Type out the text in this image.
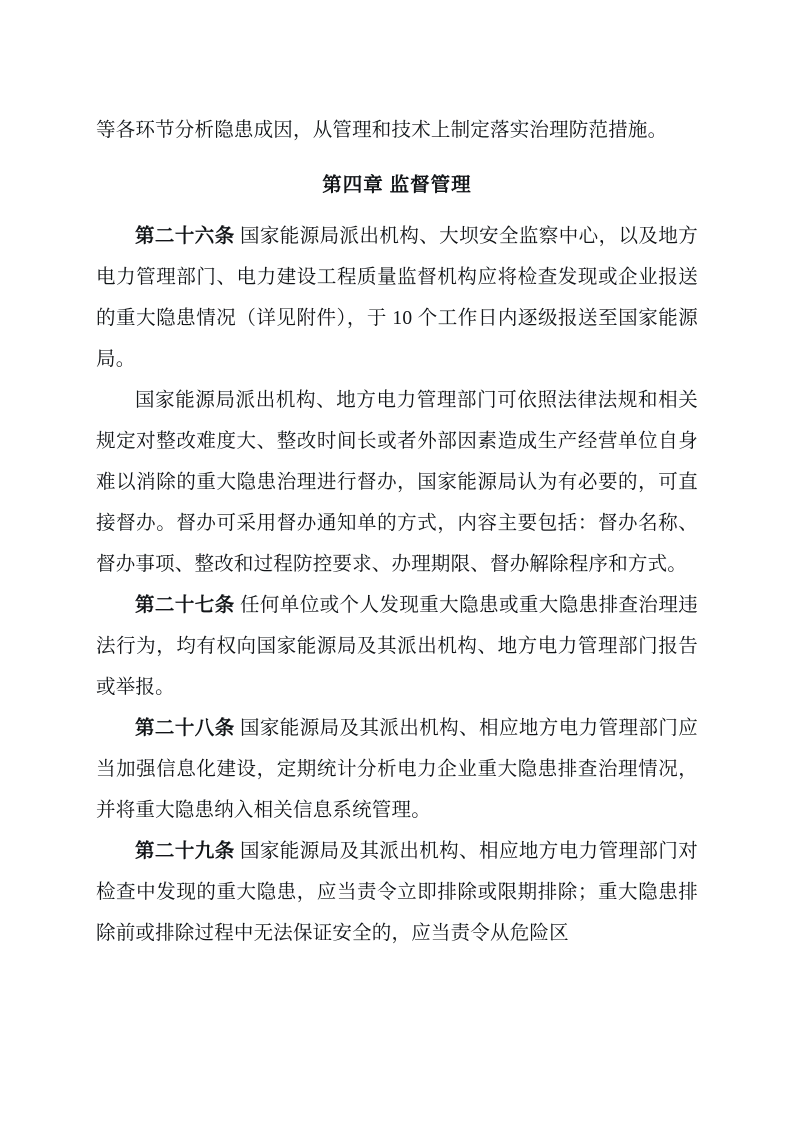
等各环节分析隐患成因，从管理和技术上制定落实治理防范措施。

第四章 监督管理

第二十六条 国家能源局派出机构、大坝安全监察中心，以及地方电力管理部门、电力建设工程质量监督机构应将检查发现或企业报送的重大隐患情况（详见附件），于 10 个工作日内逐级报送至国家能源局。

国家能源局派出机构、地方电力管理部门可依照法律法规和相关规定对整改难度大、整改时间长或者外部因素造成生产经营单位自身难以消除的重大隐患治理进行督办，国家能源局认为有必要的，可直接督办。督办可采用督办通知单的方式，内容主要包括：督办名称、督办事项、整改和过程防控要求、办理期限、督办解除程序和方式。

第二十七条 任何单位或个人发现重大隐患或重大隐患排查治理违法行为，均有权向国家能源局及其派出机构、地方电力管理部门报告或举报。

第二十八条 国家能源局及其派出机构、相应地方电力管理部门应当加强信息化建设，定期统计分析电力企业重大隐患排查治理情况，并将重大隐患纳入相关信息系统管理。

第二十九条 国家能源局及其派出机构、相应地方电力管理部门对检查中发现的重大隐患，应当责令立即排除或限期排除；重大隐患排除前或排除过程中无法保证安全的，应当责令从危险区
